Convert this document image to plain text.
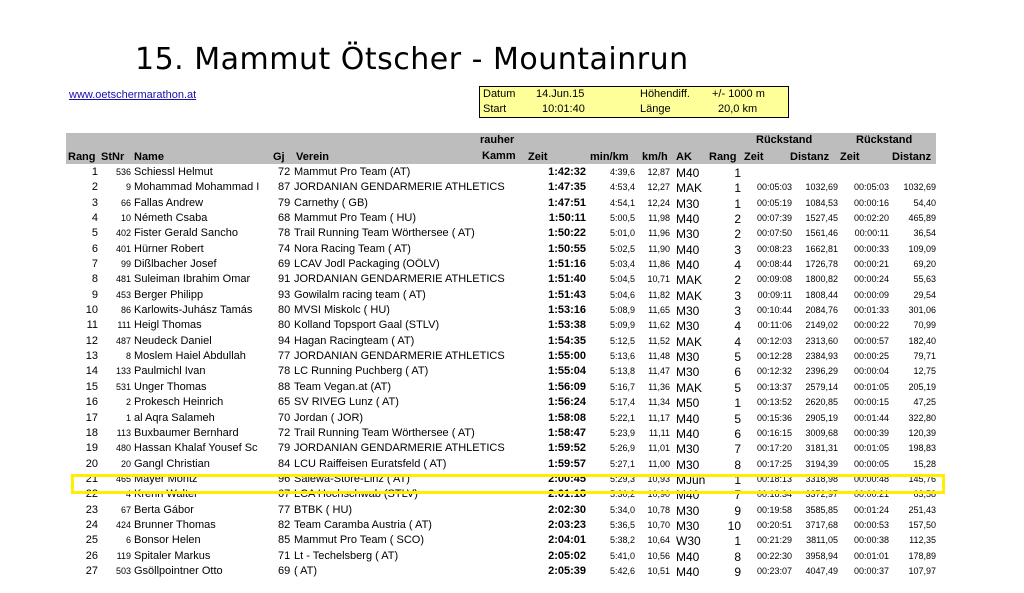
15. Mammut Ötscher - Mountainrun
www.oetschermarathon.at	Datum 14.Jun.15	Höhendiff. +/- 1000 m
Start	10:01:40	Länge	20,0 km
rauher	Rückstand	Rückstand
Rang StNr Name	Gj Verein	Kamm Zeit	min/km km/h AK Rang Zeit Distanz Zeit	Distanz
1	536 Schiessl Helmut	72 Mammut Pro Team (AT)	1:42:32	4:39,6	12,87 M40	1
2	9 Mohammad Mohammad I	87 JORDANIAN GENDARMERIE ATHLETICS	1:47:35	4:53,4	12,27 MAK	1	00:05:03	1032,69	00:05:03	1032,69
3	66 Fallas Andrew	79 Carnethy ( GB)	1:47:51	4:54,1	12,24 M30	1	00:05:19	1084,53	00:00:16	54,40
4	10 Németh Csaba	68 Mammut Pro Team ( HU)	1:50:11	5:00,5	11,98 M40	2	00:07:39	1527,45	00:02:20	465,89
5	402 Fister Gerald Sancho	78 Trail Running Team Wörthersee ( AT)	1:50:22	5:01,0	11,96 M30	2	00:07:50	1561,46	00:00:11	36,54
6	401 Hürner Robert	74 Nora Racing Team ( AT)	1:50:55	5:02,5	11,90 M40	3	00:08:23	1662,81	00:00:33	109,09
7	99 Dißlbacher Josef	69 LCAV Jodl Packaging (OÖLV)	1:51:16	5:03,4	11,86 M40	4	00:08:44	1726,78	00:00:21	69,20
8	481 Suleiman Ibrahim Omar	91 JORDANIAN GENDARMERIE ATHLETICS	1:51:40	5:04,5	10,71 MAK	2	00:09:08	1800,82	00:00:24	55,63
9	453 Berger Philipp	93 Gowilalm racing team ( AT)	1:51:43	5:04,6	11,82 MAK	3	00:09:11	1808,44	00:00:09	29,54
10	86 Karlowits-Juhász Tamás	80 MVSI Miskolc ( HU)	1:53:16	5:08,9	11,65 M30	3	00:10:44	2084,76	00:01:33	301,06
11	111 Heigl Thomas	80 Kolland Topsport Gaal (STLV)	1:53:38	5:09,9	11,62 M30	4	00:11:06	2149,02	00:00:22	70,99
12	487 Neudeck Daniel	94 Hagan Racingteam ( AT)	1:54:35	5:12,5	11,52 MAK	4	00:12:03	2313,60	00:00:57	182,40
13	8 Moslem Haiel Abdullah	77 JORDANIAN GENDARMERIE ATHLETICS	1:55:00	5:13,6	11,48 M30	5	00:12:28	2384,93	00:00:25	79,71
14	133 Paulmichl Ivan	78 LC Running Puchberg ( AT)	1:55:04	5:13,8	11,47 M30	6	00:12:32	2396,29	00:00:04	12,75
15	531 Unger Thomas	88 Team Vegan.at (AT)	1:56:09	5:16,7	11,36 MAK	5	00:13:37	2579,14	00:01:05	205,19
16	2 Prokesch Heinrich	65 SV RIVEG Lunz ( AT)	1:56:24	5:17,4	11,34 M50	1	00:13:52	2620,85	00:00:15	47,25
17	1 al Aqra Salameh	70 Jordan ( JOR)	1:58:08	5:22,1	11,17 M40	5	00:15:36	2905,19	00:01:44	322,80
18	113 Buxbaumer Bernhard	72 Trail Running Team Wörthersee ( AT)	1:58:47	5:23,9	11,11 M40	6	00:16:15	3009,68	00:00:39	120,39
19	480 Hassan Khalaf Yousef Sc	79 JORDANIAN GENDARMERIE ATHLETICS	1:59:52	5:26,9	11,01 M30	7	00:17:20	3181,31	00:01:05	198,83
20	20 Gangl Christian	84 LCU Raiffeisen Euratsfeld ( AT)	1:59:57	5:27,1	11,00 M30	8	00:17:25	3194,39	00:00:05	15,28
21	465 Mayer Moritz	96 Salewa-Store-Linz ( AT)	2:00:45	5:29,3	10,93 MJun	1	00:18:13	3318,98	00:00:48	145,76
22	4 Krenn Walter	67 LCA Hochschwab (STLV)	2:01:18	5:30,2	10,90 M40	7	00:18:34	3372,97	00:00:21	63,58
23	67 Berta Gábor	77 BTBK ( HU)	2:02:30	5:34,0	10,78 M30	9	00:19:58	3585,85	00:01:24	251,43
24	424 Brunner Thomas	82 Team Caramba Austria ( AT)	2:03:23	5:36,5	10,70 M30	10	00:20:51	3717,68	00:00:53	157,50
25	6 Bonsor Helen	85 Mammut Pro Team ( SCO)	2:04:01	5:38,2	10,64 W30	1	00:21:29	3811,05	00:00:38	112,35
26	119 Spitaler Markus	71 Lt - Techelsberg ( AT)	2:05:02	5:41,0	10,56 M40	8	00:22:30	3958,94	00:01:01	178,89
27	503 Gsöllpointner Otto	69 ( AT)	2:05:39	5:42,6	10,51 M40	9	00:23:07	4047,49	00:00:37	107,97
